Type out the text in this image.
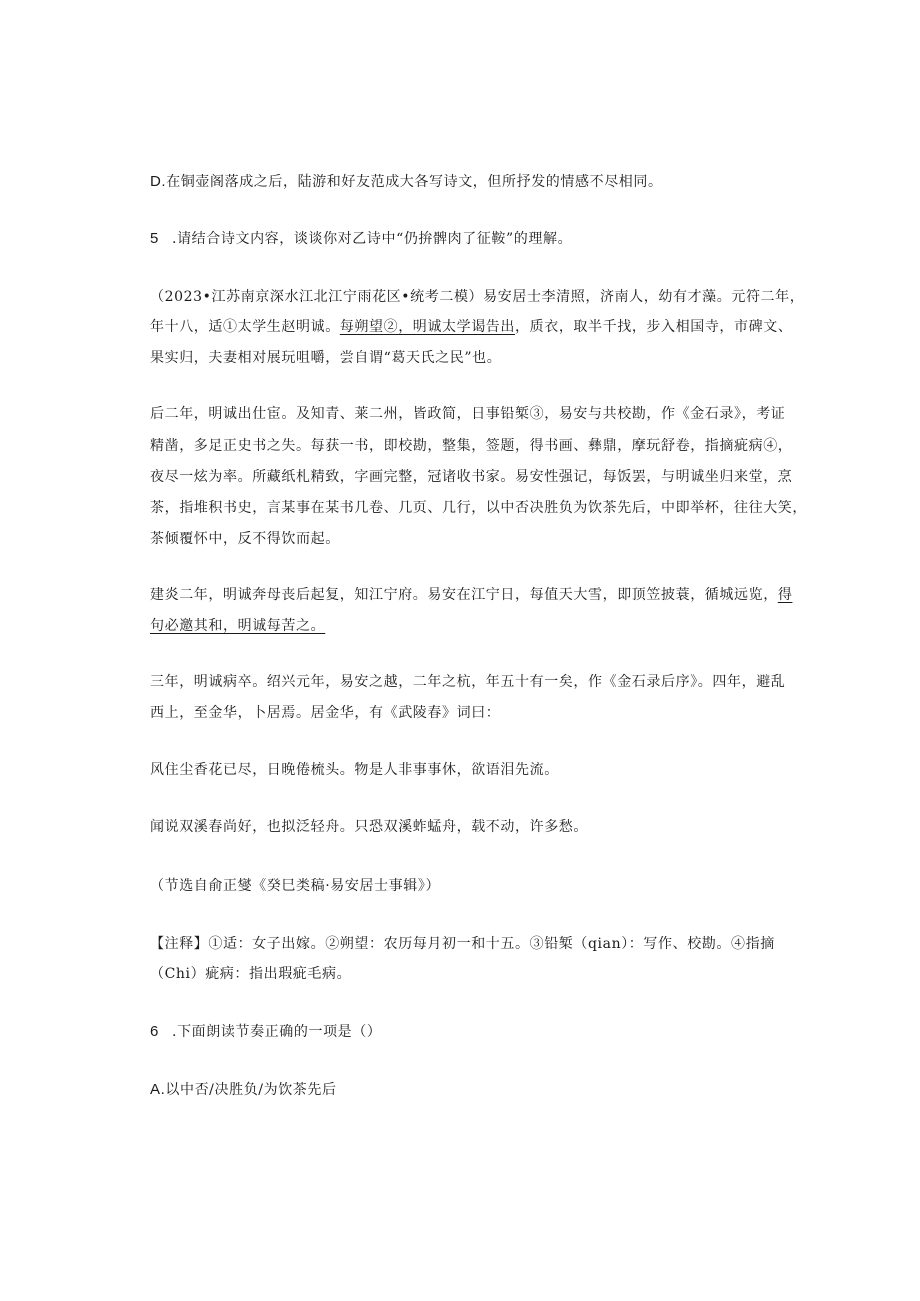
D.在铜壶阁落成之后，陆游和好友范成大各写诗文，但所抒发的情感不尽相同。
5 .请结合诗文内容，谈谈你对乙诗中“仍拚髀肉了征鞍”的理解。
（2023•江苏南京深水江北江宁雨花区•统考二模）易安居士李清照，济南人，幼有才藻。元符二年，
年十八，适①太学生赵明诚。每朔望②，明诚太学谒告出，质衣，取半千找，步入相国寺，市碑文、
果实归，夫妻相对展玩咀嚼，尝自谓“葛天氏之民”也。
后二年，明诚出仕宦。及知青、莱二州，皆政简，日事铅椠③，易安与共校勘，作《金石录》，考证
精凿，多足正史书之失。每获一书，即校勘，整集，签题，得书画、彝鼎，摩玩舒卷，指摘疵病④，
夜尽一炫为率。所藏纸札精致，字画完整，冠诸收书家。易安性强记，每饭罢，与明诚坐归来堂，烹
茶，指堆积书史，言某事在某书几卷、几页、几行，以中否决胜负为饮茶先后，中即举杯，往往大笑，
茶倾覆怀中，反不得饮而起。
建炎二年，明诚奔母丧后起复，知江宁府。易安在江宁日，每值天大雪，即顶笠披蓑，循城远览，得
句必邀其和，明诚每苦之。
三年，明诚病卒。绍兴元年，易安之越，二年之杭，年五十有一矣，作《金石录后序》。四年，避乱
西上，至金华，卜居焉。居金华，有《武陵春》词曰：
风住尘香花已尽，日晚倦梳头。物是人非事事休，欲语泪先流。
闻说双溪春尚好，也拟泛轻舟。只恐双溪蚱蜢舟，载不动，许多愁。
（节选自俞正燮《癸巳类稿·易安居士事辑》）
【注释】①适：女子出嫁。②朔望：农历每月初一和十五。③铅椠（qian）：写作、校勘。④指摘
（Chi）疵病：指出瑕疵毛病。
6 .下面朗读节奏正确的一项是（）
A.以中否/决胜负/为饮茶先后
